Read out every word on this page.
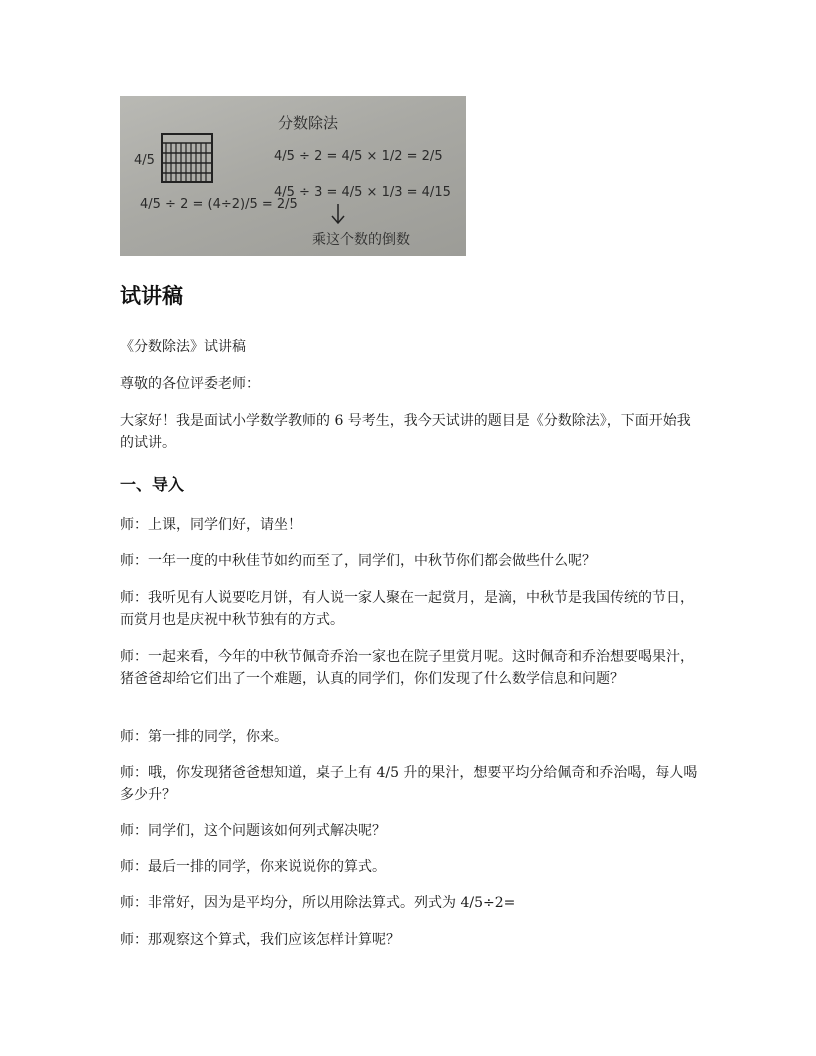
4/5
4/5 ÷ 2 = (4÷2)/5 = 2/5
分数除法
4/5 ÷ 2 = 4/5 × 1/2 = 2/5
4/5 ÷ 3 = 4/5 × 1/3 = 4/15
乘这个数的倒数
试讲稿

《分数除法》试讲稿

尊敬的各位评委老师：

大家好！我是面试小学数学教师的 6 号考生，我今天试讲的题目是《分数除法》，下面开始我的试讲。

一、导入

师：上课，同学们好，请坐！

师：一年一度的中秋佳节如约而至了，同学们，中秋节你们都会做些什么呢？

师：我听见有人说要吃月饼，有人说一家人聚在一起赏月，是滴，中秋节是我国传统的节日，而赏月也是庆祝中秋节独有的方式。

师：一起来看，今年的中秋节佩奇乔治一家也在院子里赏月呢。这时佩奇和乔治想要喝果汁，猪爸爸却给它们出了一个难题，认真的同学们，你们发现了什么数学信息和问题？

师：第一排的同学，你来。

师：哦，你发现猪爸爸想知道，桌子上有 4/5 升的果汁，想要平均分给佩奇和乔治喝，每人喝多少升？

师：同学们，这个问题该如何列式解决呢？

师：最后一排的同学，你来说说你的算式。

师：非常好，因为是平均分，所以用除法算式。列式为 4/5÷2=

师：那观察这个算式，我们应该怎样计算呢？
